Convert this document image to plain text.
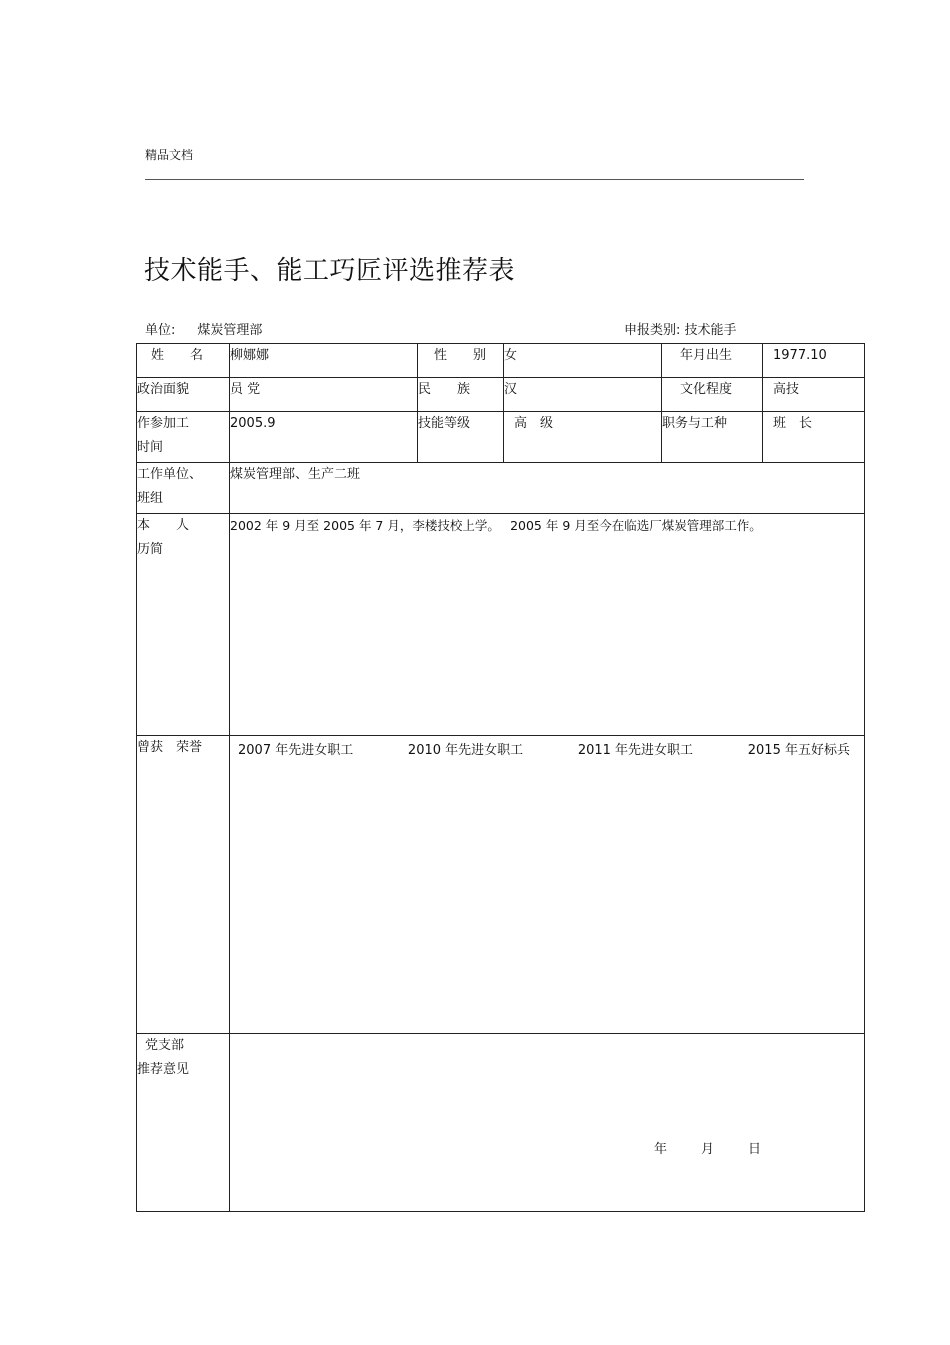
精品文档
技术能手、能工巧匠评选推荐表
单位: 煤炭管理部	申报类别: 技术能手
姓　　名	柳娜娜	性　　别	女	年月出生	1977.10
政治面貌	员 党	民　　族	汉	文化程度	高技

作参加工
时间	2005.9	技能等级	高　级	职务与工种	班　长

工作单位、
班组	煤炭管理部、生产二班				

本　　人
历简	2002 年 9 月至 2005 年 7 月，李楼技校上学。　 2005 年 9 月至今在临选厂煤炭管理部工作。				
曾获　荣誉	2007 年先进女职工 2010 年先进女职工 2011 年先进女职工 2015 年五好标兵				

党支部
推荐意见	年 月 日				
